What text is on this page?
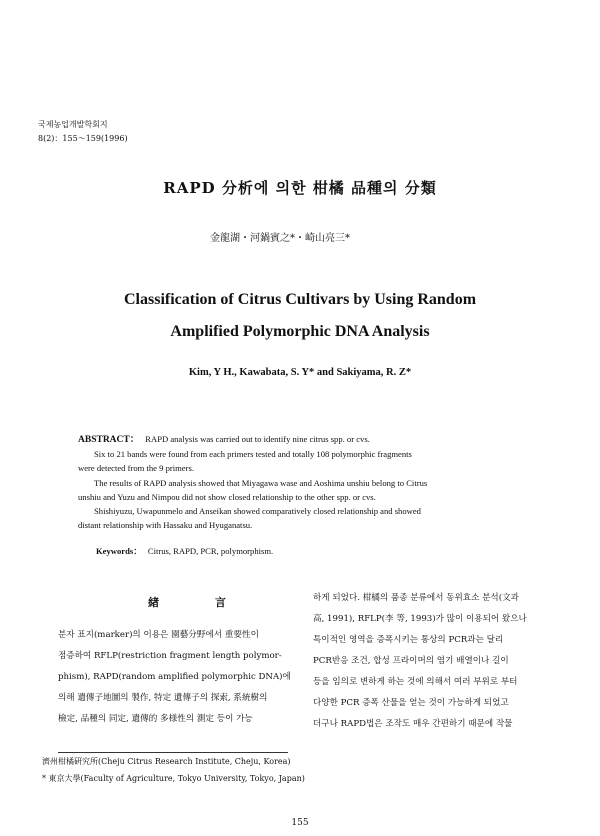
국제농업개발학회지
8(2)：155～159(1996)
RAPD 分析에 의한 柑橘 品種의 分類
金龍湖・河鍋賓之*・崎山亮三*
Classification of Citrus Cultivars by Using Random
Amplified Polymorphic DNA Analysis
Kim, Y H., Kawabata, S. Y* and Sakiyama, R. Z*

ABSTRACT： RAPD analysis was carried out to identify nine citrus spp. or cvs.

Six to 21 bands were found from each primers tested and totally 108 polymorphic fragments

were detected from the 9 primers.

The results of RAPD analysis showed that Miyagawa wase and Aoshima unshiu belong to Citrus

unshiu and Yuzu and Nimpou did not show closed relationship to the other spp. or cvs.

Shishiyuzu, Uwapunmelo and Anseikan showed comparatively closed relationship and showed

distant relationship with Hassaku and Hyuganatsu.

Keywords： Citrus, RAPD, PCR, polymorphism.
緖 言

분자 표지(marker)의 이용은 園藝分野에서 重要性이

점증하여 RFLP(restriction fragment length polymor-

phism), RAPD(random amplified polymorphic DNA)에

의해 遺傳子地圖의 製作, 特定 遺傳子의 探索, 系統樹의

檢定, 品種의 同定, 遺傳的 多様性의 測定 등이 가능

하게 되었다. 柑橘의 품종 분류에서 동위효소 분석(文과

高, 1991), RFLP(李 等, 1993)가 많이 이용되어 왔으나

특이적인 영역을 증폭시키는 통상의 PCR과는 달리

PCR반응 조건, 합성 프라이머의 염기 배열이나 길이

등을 임의로 변하게 하는 것에 의해서 여러 부위로 부터

다양한 PCR 증폭 산물을 얻는 것이 가능하게 되었고

더구나 RAPD법은 조작도 매우 간편하기 때문에 작물

濟州柑橘硏究所(Cheju Citrus Research Institute, Cheju, Korea)
* 東京大學(Faculty of Agriculture, Tokyo University, Tokyo, Japan)
155
